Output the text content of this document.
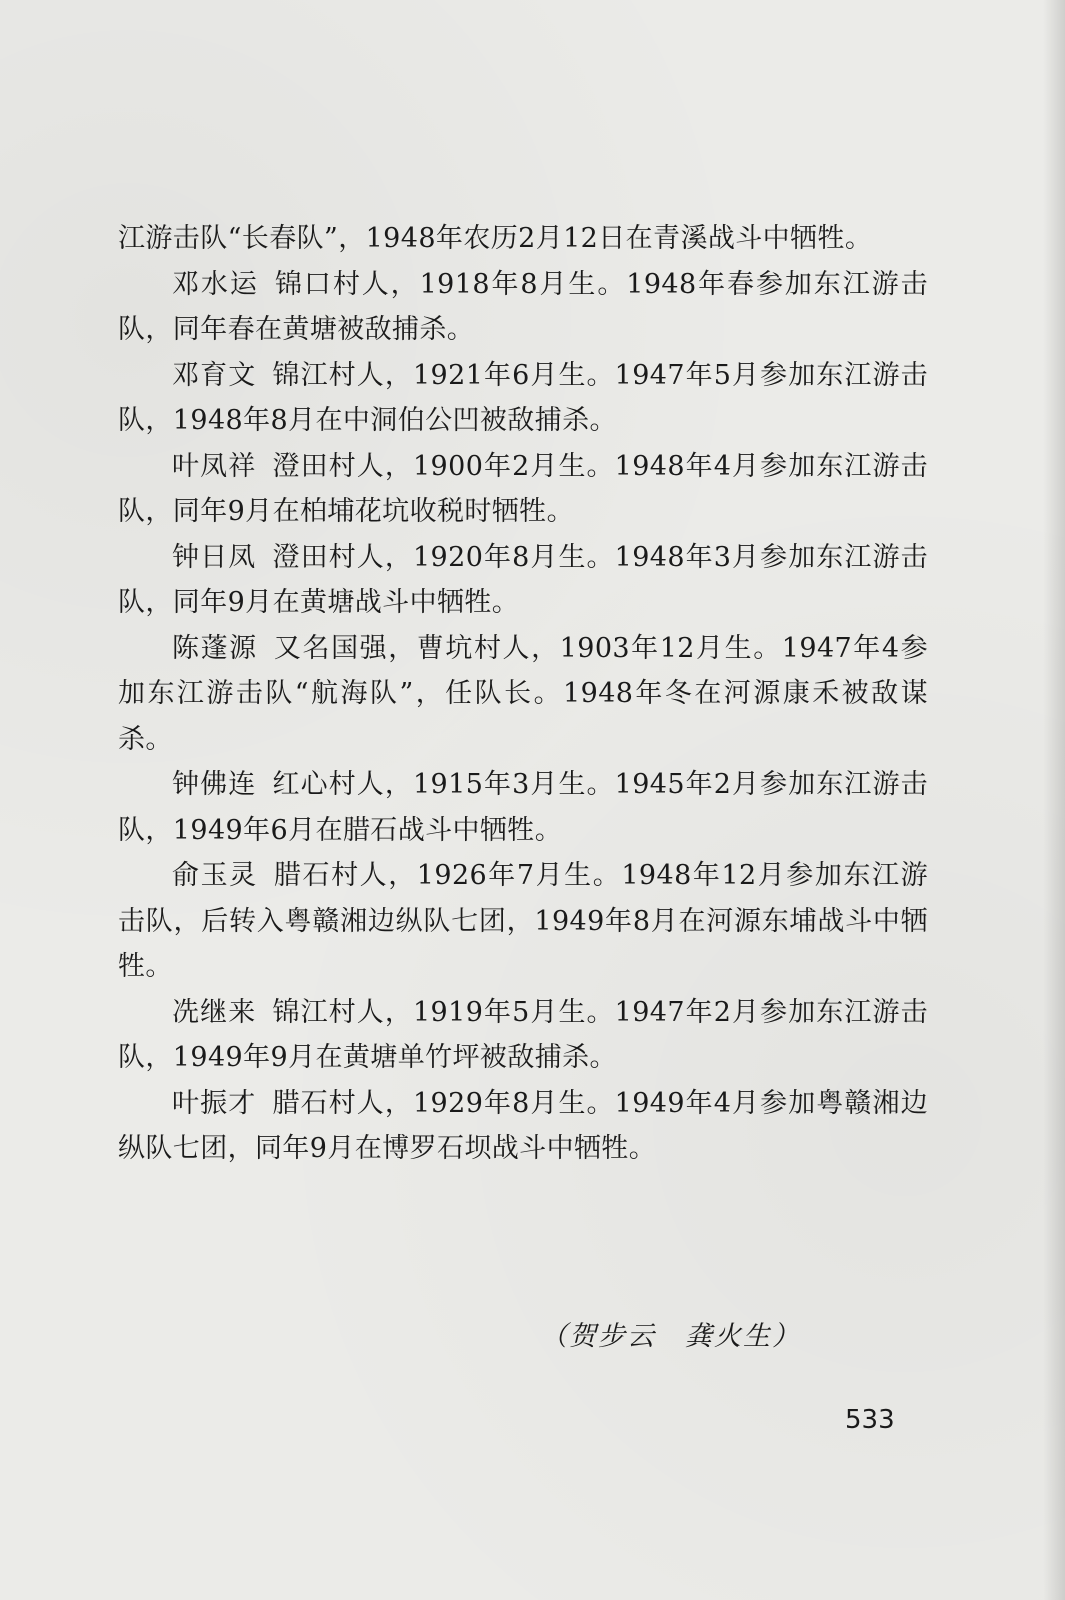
江游击队“长春队”，1948年农历2月12日在青溪战斗中牺牲。

邓水运 锦口村人，1918年8月生。1948年春参加东江游击队，同年春在黄塘被敌捕杀。

邓育文 锦江村人，1921年6月生。1947年5月参加东江游击队，1948年8月在中洞伯公凹被敌捕杀。

叶凤祥 澄田村人，1900年2月生。1948年4月参加东江游击队，同年9月在柏埔花坑收税时牺牲。

钟日凤 澄田村人，1920年8月生。1948年3月参加东江游击队，同年9月在黄塘战斗中牺牲。

陈蓬源 又名国强，曹坑村人，1903年12月生。1947年4参加东江游击队“航海队”，任队长。1948年冬在河源康禾被敌谋杀。

钟佛连 红心村人，1915年3月生。1945年2月参加东江游击队，1949年6月在腊石战斗中牺牲。

俞玉灵 腊石村人，1926年7月生。1948年12月参加东江游击队，后转入粤赣湘边纵队七团，1949年8月在河源东埔战斗中牺牲。

冼继来 锦江村人，1919年5月生。1947年2月参加东江游击队，1949年9月在黄塘单竹坪被敌捕杀。

叶振才 腊石村人，1929年8月生。1949年4月参加粤赣湘边纵队七团，同年9月在博罗石坝战斗中牺牲。

（贺步云　龚火生）
533
